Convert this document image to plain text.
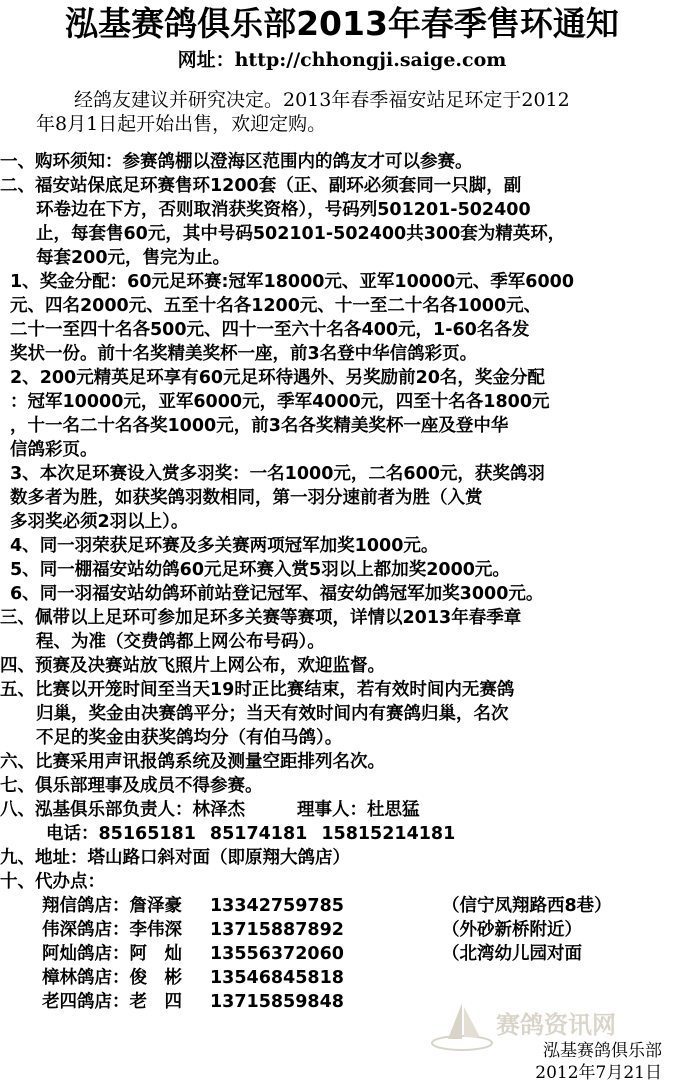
泓基赛鸽俱乐部2013年春季售环通知
网址：http://chhongji.saige.com

经鸽友建议并研究决定。2013年春季福安站足环定于2012

年8月1日起开始出售，欢迎定购。
一、购环须知：参赛鸽棚以澄海区范围内的鸽友才可以参赛。
二、福安站保底足环赛售环1200套（正、副环必须套同一只脚，副
环卷边在下方，否则取消获奖资格），号码列501201-502400
止，每套售60元，其中号码502101-502400共300套为精英环，
每套200元，售完为止。
1、奖金分配：60元足环赛:冠军18000元、亚军10000元、季军6000
元、四名2000元、五至十名各1200元、十一至二十名各1000元、
二十一至四十名各500元、四十一至六十名各400元，1-60名各发
奖状一份。前十名奖精美奖杯一座，前3名登中华信鸽彩页。
2、200元精英足环享有60元足环待遇外、另奖励前20名，奖金分配
：冠军10000元，亚军6000元，季军4000元，四至十名各1800元
，十一名二十名各奖1000元，前3名各奖精美奖杯一座及登中华
信鸽彩页。
3、本次足环赛设入赏多羽奖：一名1000元，二名600元，获奖鸽羽
数多者为胜，如获奖鸽羽数相同，第一羽分速前者为胜（入赏
多羽奖必须2羽以上）。
4、同一羽荣获足环赛及多关赛两项冠军加奖1000元。
5、同一棚福安站幼鸽60元足环赛入赏5羽以上都加奖2000元。
6、同一羽福安站幼鸽环前站登记冠军、福安幼鸽冠军加奖3000元。
三、佩带以上足环可参加足环多关赛等赛项，详情以2013年春季章
程、为准（交费鸽都上网公布号码）。
四、预赛及决赛站放飞照片上网公布，欢迎监督。
五、比赛以开笼时间至当天19时正比赛结束，若有效时间内无赛鸽
归巢，奖金由决赛鸽平分；当天有效时间内有赛鸽归巢，名次
不足的奖金由获奖鸽均分（有伯马鸽）。
六、比赛采用声讯报鸽系统及测量空距排列名次。
七、俱乐部理事及成员不得参赛。
八、泓基俱乐部负责人：林泽杰	理事人：杜思猛
电话：85165181 85174181 15815214181
九、地址：塔山路口斜对面（即原翔大鸽店）
十、代办点：
翔信鸽店：詹泽豪	13342759785	（信宁凤翔路西8巷）
伟深鸽店：李伟深	13715887892	（外砂新桥附近）
阿灿鸽店：阿　灿	13556372060	（北湾幼儿园对面
樟林鸽店：俊　彬	13546845818
老四鸽店：老　四	13715859848
赛鸽资讯网
泓基赛鸽俱乐部
2012年7月21日
